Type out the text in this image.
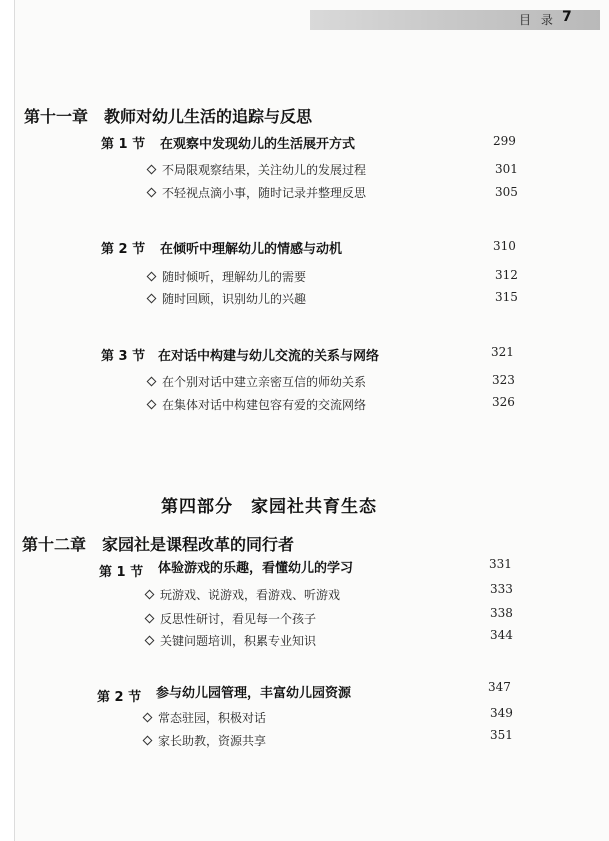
目 录 7
第十一章　教师对幼儿生活的追踪与反思
第 1 节 在观察中发现幼儿的生活展开方式	299
不局限观察结果，关注幼儿的发展过程	301
不轻视点滴小事，随时记录并整理反思	305
第 2 节 在倾听中理解幼儿的情感与动机	310
随时倾听，理解幼儿的需要	312
随时回顾，识别幼儿的兴趣	315
第 3 节 在对话中构建与幼儿交流的关系与网络	321
在个别对话中建立亲密互信的师幼关系	323
在集体对话中构建包容有爱的交流网络	326
第四部分　家园社共育生态
第十二章　家园社是课程改革的同行者
第 1 节 体验游戏的乐趣，看懂幼儿的学习	331
玩游戏、说游戏，看游戏、听游戏	333
反思性研讨，看见每一个孩子	338
关键问题培训，积累专业知识	344
第 2 节 参与幼儿园管理，丰富幼儿园资源	347
常态驻园，积极对话	349
家长助教，资源共享	351
